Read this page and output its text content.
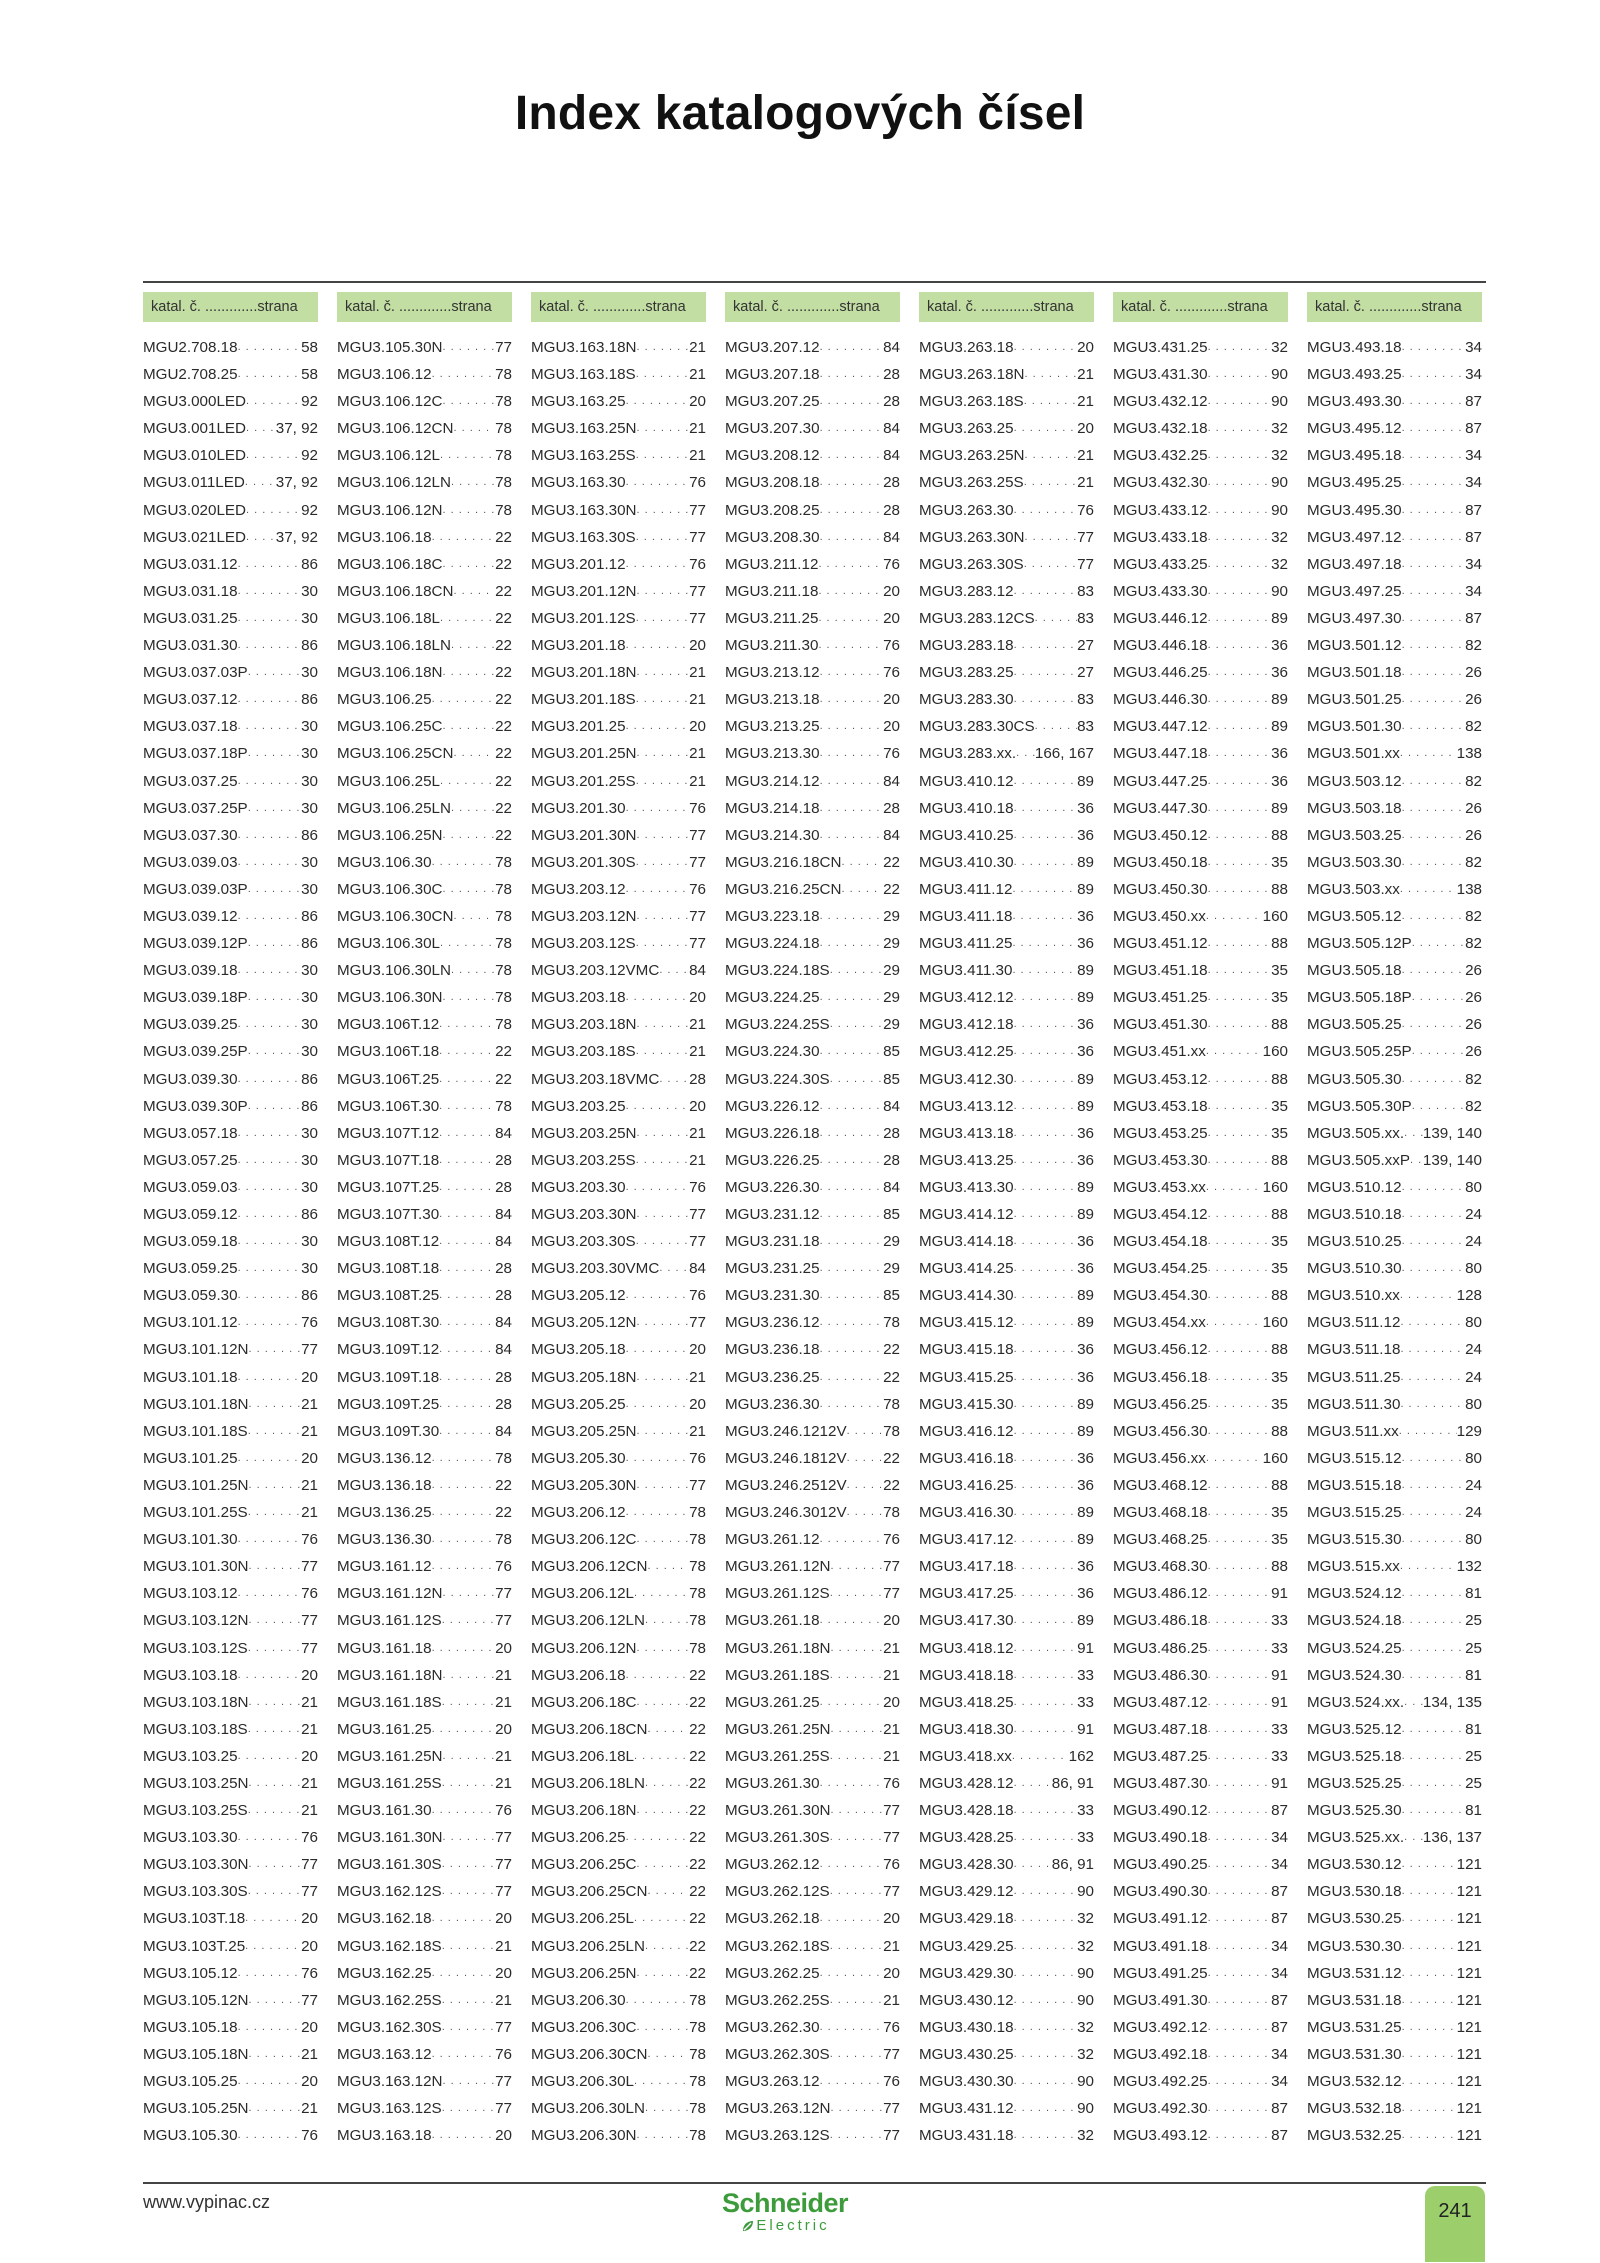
Index katalogových čísel
katal. č. .............strana
MGU2.708.18 . . .	58
MGU2.708.25 . . .	58
MGU3.000LED . . .	92
MGU3.001LED . . . 37, 92
MGU3.010LED . . .	92
MGU3.011LED . . . 37, 92
MGU3.020LED . . .	92
MGU3.021LED . . . 37, 92
MGU3.031.12 . . .	86
MGU3.031.18 . . .	30
MGU3.031.25 . . .	30
MGU3.031.30 . . .	86
MGU3.037.03P . . .	30
MGU3.037.12 . . .	86
MGU3.037.18 . . .	30
MGU3.037.18P . . .	30
MGU3.037.25 . . .	30
MGU3.037.25P . . .	30
MGU3.037.30 . . .	86
MGU3.039.03 . . .	30
MGU3.039.03P . . .	30
MGU3.039.12 . . .	86
MGU3.039.12P . . .	86
MGU3.039.18 . . .	30
MGU3.039.18P . . .	30
MGU3.039.25 . . .	30
MGU3.039.25P . . .	30
MGU3.039.30 . . .	86
MGU3.039.30P . . .	86
MGU3.057.18 . . .	30
MGU3.057.25 . . .	30
MGU3.059.03 . . .	30
MGU3.059.12 . . .	86
MGU3.059.18 . . .	30
MGU3.059.25 . . .	30
MGU3.059.30 . . .	86
MGU3.101.12 . . .	76
MGU3.101.12N . . .	77
MGU3.101.18 . . .	20
MGU3.101.18N . . .	21
MGU3.101.18S . . .	21
MGU3.101.25 . . .	20
MGU3.101.25N . . .	21
MGU3.101.25S . . .	21
MGU3.101.30 . . .	76
MGU3.101.30N . . .	77
MGU3.103.12 . . .	76
MGU3.103.12N . . .	77
MGU3.103.12S . . .	77
MGU3.103.18 . . .	20
MGU3.103.18N . . .	21
MGU3.103.18S . . .	21
MGU3.103.25 . . .	20
MGU3.103.25N . . .	21
MGU3.103.25S . . .	21
MGU3.103.30 . . .	76
MGU3.103.30N . . .	77
MGU3.103.30S . . .	77
MGU3.103T.18 . . .	20
MGU3.103T.25 . . .	20
MGU3.105.12 . . .	76
MGU3.105.12N . . .	77
MGU3.105.18 . . .	20
MGU3.105.18N . . .	21
MGU3.105.25 . . .	20
MGU3.105.25N . . .	21
MGU3.105.30 . . .	76
katal. č. .............strana
MGU3.105.30N . . .	77
MGU3.106.12 . . .	78
MGU3.106.12C . . .	78
MGU3.106.12CN . . .	78
MGU3.106.12L . . .	78
MGU3.106.12LN . . .	78
MGU3.106.12N . . .	78
MGU3.106.18 . . .	22
MGU3.106.18C . . .	22
MGU3.106.18CN . . .	22
MGU3.106.18L . . .	22
MGU3.106.18LN . . .	22
MGU3.106.18N . . .	22
MGU3.106.25 . . .	22
MGU3.106.25C . . .	22
MGU3.106.25CN . . .	22
MGU3.106.25L . . .	22
MGU3.106.25LN . . .	22
MGU3.106.25N . . .	22
MGU3.106.30 . . .	78
MGU3.106.30C . . .	78
MGU3.106.30CN . . .	78
MGU3.106.30L . . .	78
MGU3.106.30LN . . .	78
MGU3.106.30N . . .	78
MGU3.106T.12 . . .	78
MGU3.106T.18 . . .	22
MGU3.106T.25 . . .	22
MGU3.106T.30 . . .	78
MGU3.107T.12 . . .	84
MGU3.107T.18 . . .	28
MGU3.107T.25 . . .	28
MGU3.107T.30 . . .	84
MGU3.108T.12 . . .	84
MGU3.108T.18 . . .	28
MGU3.108T.25 . . .	28
MGU3.108T.30 . . .	84
MGU3.109T.12 . . .	84
MGU3.109T.18 . . .	28
MGU3.109T.25 . . .	28
MGU3.109T.30 . . .	84
MGU3.136.12 . . .	78
MGU3.136.18 . . .	22
MGU3.136.25 . . .	22
MGU3.136.30 . . .	78
MGU3.161.12 . . .	76
MGU3.161.12N . . .	77
MGU3.161.12S . . .	77
MGU3.161.18 . . .	20
MGU3.161.18N . . .	21
MGU3.161.18S . . .	21
MGU3.161.25 . . .	20
MGU3.161.25N . . .	21
MGU3.161.25S . . .	21
MGU3.161.30 . . .	76
MGU3.161.30N . . .	77
MGU3.161.30S . . .	77
MGU3.162.12S . . .	77
MGU3.162.18 . . .	20
MGU3.162.18S . . .	21
MGU3.162.25 . . .	20
MGU3.162.25S . . .	21
MGU3.162.30S . . .	77
MGU3.163.12 . . .	76
MGU3.163.12N . . .	77
MGU3.163.12S . . .	77
MGU3.163.18 . . .	20
katal. č. .............strana
MGU3.163.18N . . .	21
MGU3.163.18S . . .	21
MGU3.163.25 . . .	20
MGU3.163.25N . . .	21
MGU3.163.25S . . .	21
MGU3.163.30 . . .	76
MGU3.163.30N . . .	77
MGU3.163.30S . . .	77
MGU3.201.12 . . .	76
MGU3.201.12N . . .	77
MGU3.201.12S . . .	77
MGU3.201.18 . . .	20
MGU3.201.18N . . .	21
MGU3.201.18S . . .	21
MGU3.201.25 . . .	20
MGU3.201.25N . . .	21
MGU3.201.25S . . .	21
MGU3.201.30 . . .	76
MGU3.201.30N . . .	77
MGU3.201.30S . . .	77
MGU3.203.12 . . .	76
MGU3.203.12N . . .	77
MGU3.203.12S . . .	77
MGU3.203.12VMC . . . 84
MGU3.203.18 . . .	20
MGU3.203.18N . . .	21
MGU3.203.18S . . .	21
MGU3.203.18VMC . . . 28
MGU3.203.25 . . .	20
MGU3.203.25N . . .	21
MGU3.203.25S . . .	21
MGU3.203.30 . . .	76
MGU3.203.30N . . .	77
MGU3.203.30S . . .	77
MGU3.203.30VMC . . . 84
MGU3.205.12 . . .	76
MGU3.205.12N . . .	77
MGU3.205.18 . . .	20
MGU3.205.18N . . .	21
MGU3.205.25 . . .	20
MGU3.205.25N . . .	21
MGU3.205.30 . . .	76
MGU3.205.30N . . .	77
MGU3.206.12 . . .	78
MGU3.206.12C . . .	78
MGU3.206.12CN . . .	78
MGU3.206.12L . . .	78
MGU3.206.12LN . . .	78
MGU3.206.12N . . .	78
MGU3.206.18 . . .	22
MGU3.206.18C . . .	22
MGU3.206.18CN . . .	22
MGU3.206.18L . . .	22
MGU3.206.18LN . . .	22
MGU3.206.18N . . .	22
MGU3.206.25 . . .	22
MGU3.206.25C . . .	22
MGU3.206.25CN . . .	22
MGU3.206.25L . . .	22
MGU3.206.25LN . . .	22
MGU3.206.25N . . .	22
MGU3.206.30 . . .	78
MGU3.206.30C . . .	78
MGU3.206.30CN . . .	78
MGU3.206.30L . . .	78
MGU3.206.30LN . . .	78
MGU3.206.30N . . .	78
katal. č. .............strana
MGU3.207.12 . . .	84
MGU3.207.18 . . .	28
MGU3.207.25 . . .	28
MGU3.207.30 . . .	84
MGU3.208.12 . . .	84
MGU3.208.18 . . .	28
MGU3.208.25 . . .	28
MGU3.208.30 . . .	84
MGU3.211.12 . . .	76
MGU3.211.18 . . .	20
MGU3.211.25 . . .	20
MGU3.211.30 . . .	76
MGU3.213.12 . . .	76
MGU3.213.18 . . .	20
MGU3.213.25 . . .	20
MGU3.213.30 . . .	76
MGU3.214.12 . . .	84
MGU3.214.18 . . .	28
MGU3.214.30 . . .	84
MGU3.216.18CN . . .	22
MGU3.216.25CN . . .	22
MGU3.223.18 . . .	29
MGU3.224.18 . . .	29
MGU3.224.18S . . .	29
MGU3.224.25 . . .	29
MGU3.224.25S . . .	29
MGU3.224.30 . . .	85
MGU3.224.30S . . .	85
MGU3.226.12 . . .	84
MGU3.226.18 . . .	28
MGU3.226.25 . . .	28
MGU3.226.30 . . .	84
MGU3.231.12 . . .	85
MGU3.231.18 . . .	29
MGU3.231.25 . . .	29
MGU3.231.30 . . .	85
MGU3.236.12 . . .	78
MGU3.236.18 . . .	22
MGU3.236.25 . . .	22
MGU3.236.30 . . .	78
MGU3.246.1212V . . . 78
MGU3.246.1812V . . . 22
MGU3.246.2512V . . . 22
MGU3.246.3012V . . . 78
MGU3.261.12 . . .	76
MGU3.261.12N . . .	77
MGU3.261.12S . . .	77
MGU3.261.18 . . .	20
MGU3.261.18N . . .	21
MGU3.261.18S . . .	21
MGU3.261.25 . . .	20
MGU3.261.25N . . .	21
MGU3.261.25S . . .	21
MGU3.261.30 . . .	76
MGU3.261.30N . . .	77
MGU3.261.30S . . .	77
MGU3.262.12 . . .	76
MGU3.262.12S . . .	77
MGU3.262.18 . . .	20
MGU3.262.18S . . .	21
MGU3.262.25 . . .	20
MGU3.262.25S . . .	21
MGU3.262.30 . . .	76
MGU3.262.30S . . .	77
MGU3.263.12 . . .	76
MGU3.263.12N . . .	77
MGU3.263.12S . . .	77
katal. č. .............strana
MGU3.263.18 . . .	20
MGU3.263.18N . . .	21
MGU3.263.18S . . .	21
MGU3.263.25 . . .	20
MGU3.263.25N . . .	21
MGU3.263.25S . . .	21
MGU3.263.30 . . .	76
MGU3.263.30N . . .	77
MGU3.263.30S . . .	77
MGU3.283.12 . . .	83
MGU3.283.12CS . . .	83
MGU3.283.18 . . .	27
MGU3.283.25 . . .	27
MGU3.283.30 . . .	83
MGU3.283.30CS . . .	83
MGU3.283.xx. . . . 166, 167
MGU3.410.12 . . .	89
MGU3.410.18 . . .	36
MGU3.410.25 . . .	36
MGU3.410.30 . . .	89
MGU3.411.12 . . .	89
MGU3.411.18 . . .	36
MGU3.411.25 . . .	36
MGU3.411.30 . . .	89
MGU3.412.12 . . .	89
MGU3.412.18 . . .	36
MGU3.412.25 . . .	36
MGU3.412.30 . . .	89
MGU3.413.12 . . .	89
MGU3.413.18 . . .	36
MGU3.413.25 . . .	36
MGU3.413.30 . . .	89
MGU3.414.12 . . .	89
MGU3.414.18 . . .	36
MGU3.414.25 . . .	36
MGU3.414.30 . . .	89
MGU3.415.12 . . .	89
MGU3.415.18 . . .	36
MGU3.415.25 . . .	36
MGU3.415.30 . . .	89
MGU3.416.12 . . .	89
MGU3.416.18 . . .	36
MGU3.416.25 . . .	36
MGU3.416.30 . . .	89
MGU3.417.12 . . .	89
MGU3.417.18 . . .	36
MGU3.417.25 . . .	36
MGU3.417.30 . . .	89
MGU3.418.12 . . .	91
MGU3.418.18 . . .	33
MGU3.418.25 . . .	33
MGU3.418.30 . . .	91
MGU3.418.xx . . .	162
MGU3.428.12 . . .	86, 91
MGU3.428.18 . . .	33
MGU3.428.25 . . .	33
MGU3.428.30 . . .	86, 91
MGU3.429.12 . . .	90
MGU3.429.18 . . .	32
MGU3.429.25 . . .	32
MGU3.429.30 . . .	90
MGU3.430.12 . . .	90
MGU3.430.18 . . .	32
MGU3.430.25 . . .	32
MGU3.430.30 . . .	90
MGU3.431.12 . . .	90
MGU3.431.18 . . .	32
katal. č. .............strana
MGU3.431.25 . . .	32
MGU3.431.30 . . .	90
MGU3.432.12 . . .	90
MGU3.432.18 . . .	32
MGU3.432.25 . . .	32
MGU3.432.30 . . .	90
MGU3.433.12 . . .	90
MGU3.433.18 . . .	32
MGU3.433.25 . . .	32
MGU3.433.30 . . .	90
MGU3.446.12 . . .	89
MGU3.446.18 . . .	36
MGU3.446.25 . . .	36
MGU3.446.30 . . .	89
MGU3.447.12 . . .	89
MGU3.447.18 . . .	36
MGU3.447.25 . . .	36
MGU3.447.30 . . .	89
MGU3.450.12 . . .	88
MGU3.450.18 . . .	35
MGU3.450.30 . . .	88
MGU3.450.xx . . .	160
MGU3.451.12 . . .	88
MGU3.451.18 . . .	35
MGU3.451.25 . . .	35
MGU3.451.30 . . .	88
MGU3.451.xx . . .	160
MGU3.453.12 . . .	88
MGU3.453.18 . . .	35
MGU3.453.25 . . .	35
MGU3.453.30 . . .	88
MGU3.453.xx . . .	160
MGU3.454.12 . . .	88
MGU3.454.18 . . .	35
MGU3.454.25 . . .	35
MGU3.454.30 . . .	88
MGU3.454.xx . . .	160
MGU3.456.12 . . .	88
MGU3.456.18 . . .	35
MGU3.456.25 . . .	35
MGU3.456.30 . . .	88
MGU3.456.xx . . .	160
MGU3.468.12 . . .	88
MGU3.468.18 . . .	35
MGU3.468.25 . . .	35
MGU3.468.30 . . .	88
MGU3.486.12 . . .	91
MGU3.486.18 . . .	33
MGU3.486.25 . . .	33
MGU3.486.30 . . .	91
MGU3.487.12 . . .	91
MGU3.487.18 . . .	33
MGU3.487.25 . . .	33
MGU3.487.30 . . .	91
MGU3.490.12 . . .	87
MGU3.490.18 . . .	34
MGU3.490.25 . . .	34
MGU3.490.30 . . .	87
MGU3.491.12 . . .	87
MGU3.491.18 . . .	34
MGU3.491.25 . . .	34
MGU3.491.30 . . .	87
MGU3.492.12 . . .	87
MGU3.492.18 . . .	34
MGU3.492.25 . . .	34
MGU3.492.30 . . .	87
MGU3.493.12 . . .	87
katal. č. .............strana
MGU3.493.18 . . .	34
MGU3.493.25 . . .	34
MGU3.493.30 . . .	87
MGU3.495.12 . . .	87
MGU3.495.18 . . .	34
MGU3.495.25 . . .	34
MGU3.495.30 . . .	87
MGU3.497.12 . . .	87
MGU3.497.18 . . .	34
MGU3.497.25 . . .	34
MGU3.497.30 . . .	87
MGU3.501.12 . . .	82
MGU3.501.18 . . .	26
MGU3.501.25 . . .	26
MGU3.501.30 . . .	82
MGU3.501.xx . . .	138
MGU3.503.12 . . .	82
MGU3.503.18 . . .	26
MGU3.503.25 . . .	26
MGU3.503.30 . . .	82
MGU3.503.xx . . .	138
MGU3.505.12 . . .	82
MGU3.505.12P . . .	82
MGU3.505.18 . . .	26
MGU3.505.18P . . .	26
MGU3.505.25 . . .	26
MGU3.505.25P . . .	26
MGU3.505.30 . . .	82
MGU3.505.30P . . .	82
MGU3.505.xx. . . . 139, 140
MGU3.505.xxP . . . 139, 140
MGU3.510.12 . . .	80
MGU3.510.18 . . .	24
MGU3.510.25 . . .	24
MGU3.510.30 . . .	80
MGU3.510.xx . . .	128
MGU3.511.12 . . .	80
MGU3.511.18 . . .	24
MGU3.511.25 . . .	24
MGU3.511.30 . . .	80
MGU3.511.xx . . .	129
MGU3.515.12 . . .	80
MGU3.515.18 . . .	24
MGU3.515.25 . . .	24
MGU3.515.30 . . .	80
MGU3.515.xx . . .	132
MGU3.524.12 . . .	81
MGU3.524.18 . . .	25
MGU3.524.25 . . .	25
MGU3.524.30 . . .	81
MGU3.524.xx. . . . 134, 135
MGU3.525.12 . . .	81
MGU3.525.18 . . .	25
MGU3.525.25 . . .	25
MGU3.525.30 . . .	81
MGU3.525.xx. . . . 136, 137
MGU3.530.12 . . .	121
MGU3.530.18 . . .	121
MGU3.530.25 . . .	121
MGU3.530.30 . . .	121
MGU3.531.12 . . .	121
MGU3.531.18 . . .	121
MGU3.531.25 . . .	121
MGU3.531.30 . . .	121
MGU3.532.12 . . .	121
MGU3.532.18 . . .	121
MGU3.532.25 . . .	121
www.vypinac.cz	Schneider
Electric
241
